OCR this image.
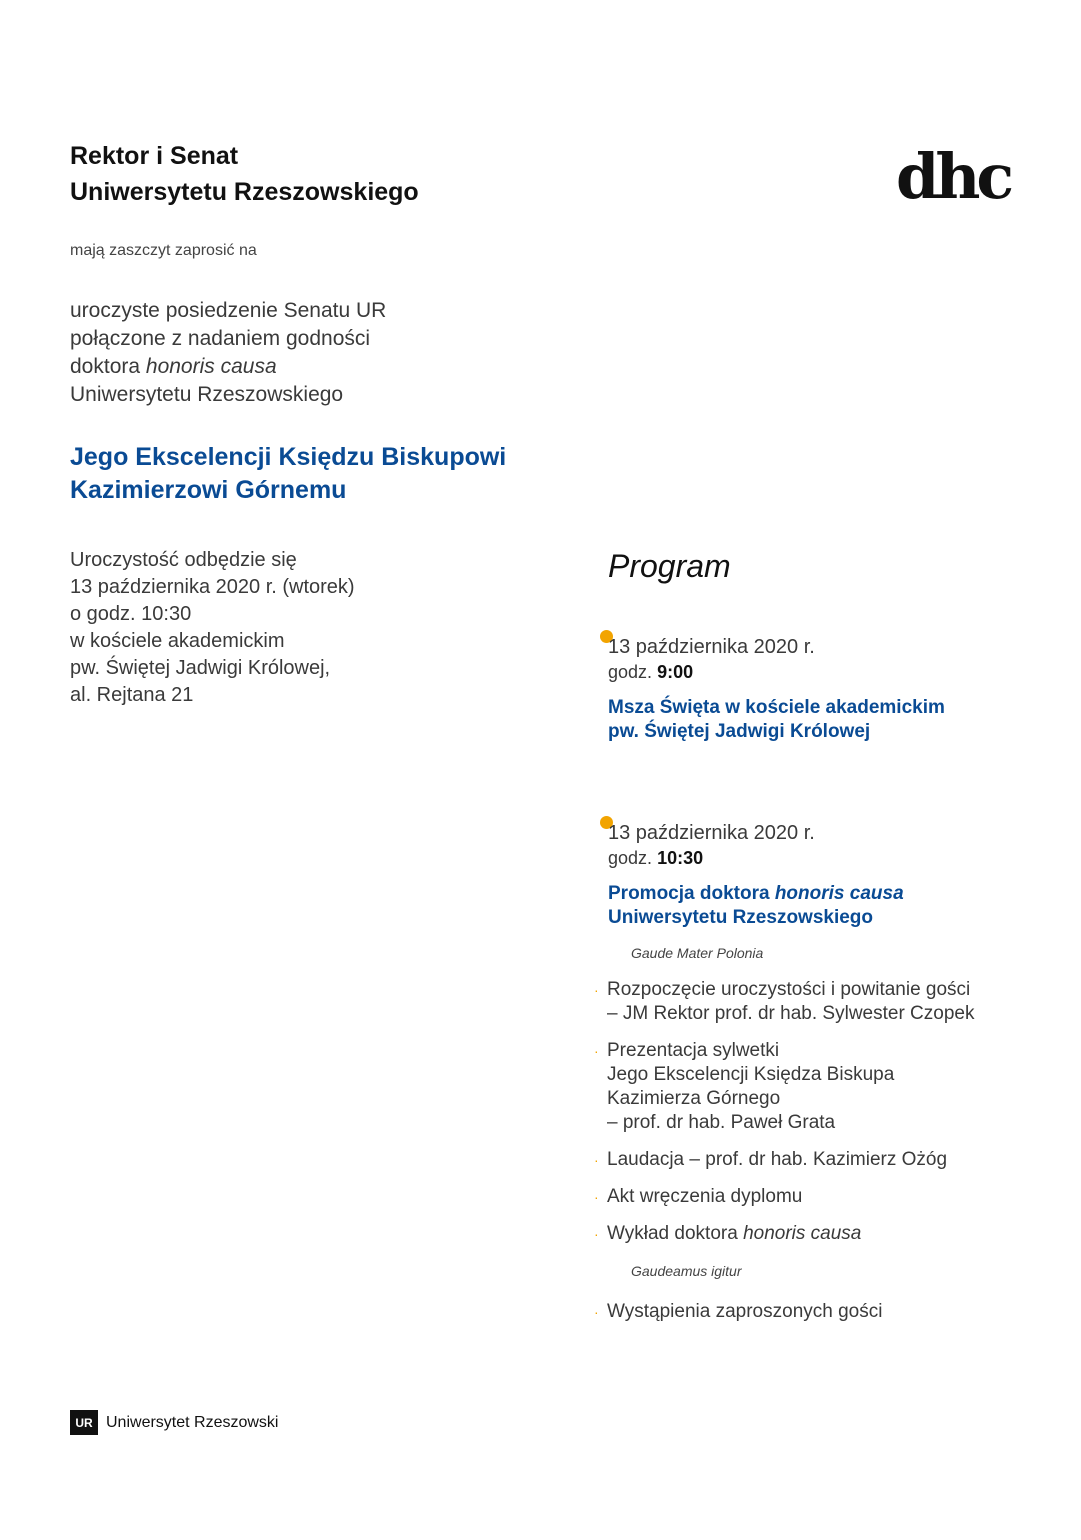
Rektor i Senat
Uniwersytetu Rzeszowskiego	dhc
mają zaszczyt zaprosić na
uroczyste posiedzenie Senatu UR
połączone z nadaniem godności
doktora honoris causa
Uniwersytetu Rzeszowskiego
Jego Ekscelencji Księdzu Biskupowi
Kazimierzowi Górnemu
Uroczystość odbędzie się
13 października 2020 r. (wtorek)
o godz. 10:30
w kościele akademickim
pw. Świętej Jadwigi Królowej,
al. Rejtana 21
Program
13 października 2020 r.
godz. 9:00
Msza Święta w kościele akademickim
pw. Świętej Jadwigi Królowej
13 października 2020 r.
godz. 10:30
Promocja doktora honoris causa
Uniwersytetu Rzeszowskiego
Gaude Mater Polonia
· Rozpoczęcie uroczystości i powitanie gości
– JM Rektor prof. dr hab. Sylwester Czopek
· Prezentacja sylwetki
Jego Ekscelencji Księdza Biskupa
Kazimierza Górnego
– prof. dr hab. Paweł Grata
· Laudacja – prof. dr hab. Kazimierz Ożóg
· Akt wręczenia dyplomu
· Wykład doktora honoris causa
Gaudeamus igitur
· Wystąpienia zaproszonych gości
UR Uniwersytet Rzeszowski
